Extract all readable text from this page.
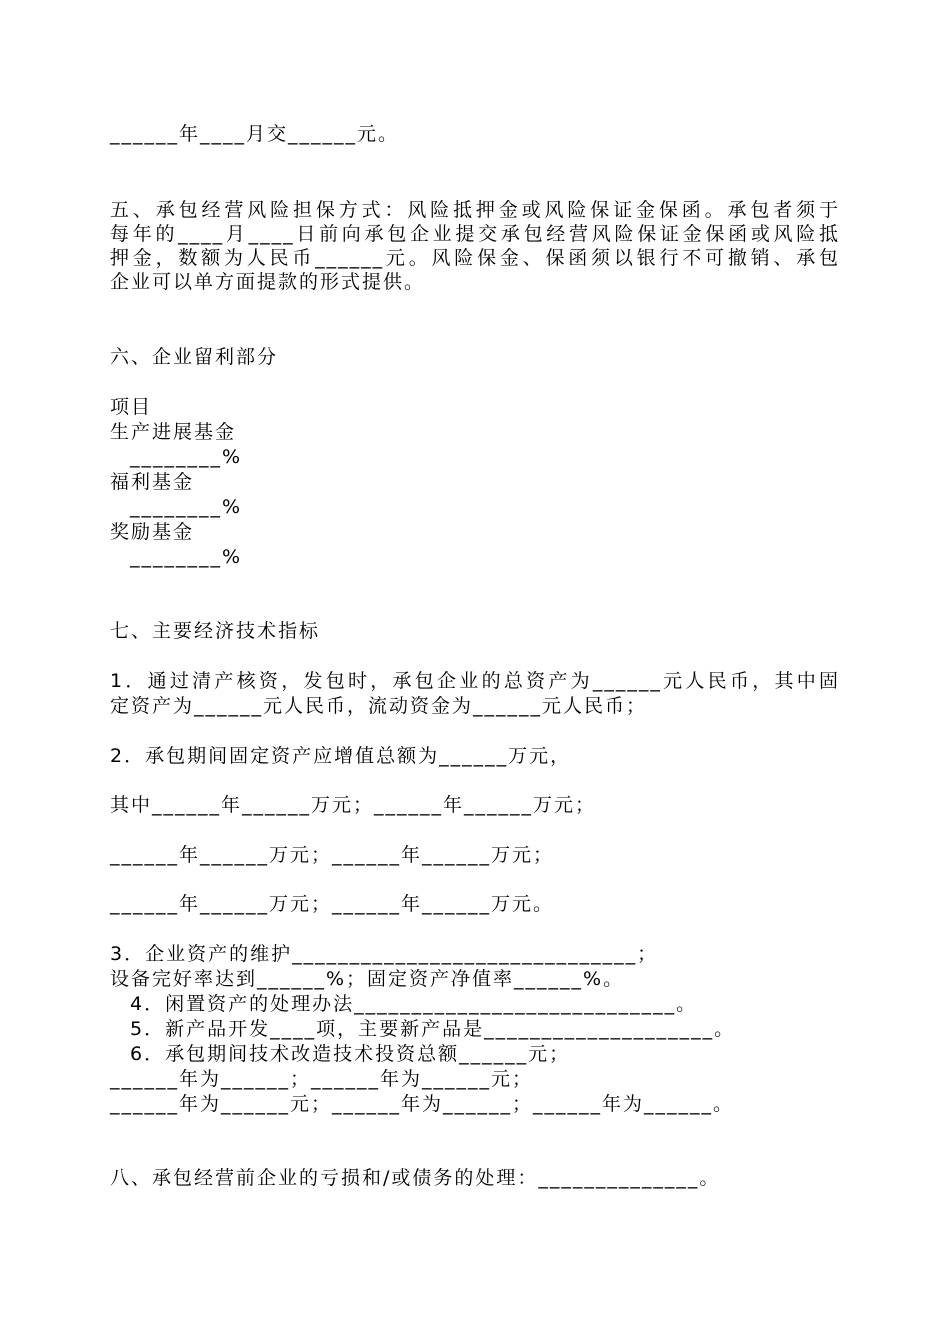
______年____月交______元。
五、承包经营风险担保方式：风险抵押金或风险保证金保函。承包者须于
每年的____月____日前向承包企业提交承包经营风险保证金保函或风险抵
押金，数额为人民币______元。风险保金、保函须以银行不可撤销、承包
企业可以单方面提款的形式提供。
六、企业留利部分
项目
生产进展基金
________%
福利基金
________%
奖励基金
________%
七、主要经济技术指标
1．通过清产核资，发包时，承包企业的总资产为______元人民币，其中固
定资产为______元人民币，流动资金为______元人民币；
2．承包期间固定资产应增值总额为______万元，
其中______年______万元；______年______万元；
______年______万元；______年______万元；
______年______万元；______年______万元。
3．企业资产的维护______________________________；
设备完好率达到______%；固定资产净值率______%。
4．闲置资产的处理办法____________________________。
5．新产品开发____项，主要新产品是____________________。
6．承包期间技术改造技术投资总额______元；
______年为______；______年为______元；
______年为______元；______年为______；______年为______。
八、承包经营前企业的亏损和/或债务的处理：______________。
